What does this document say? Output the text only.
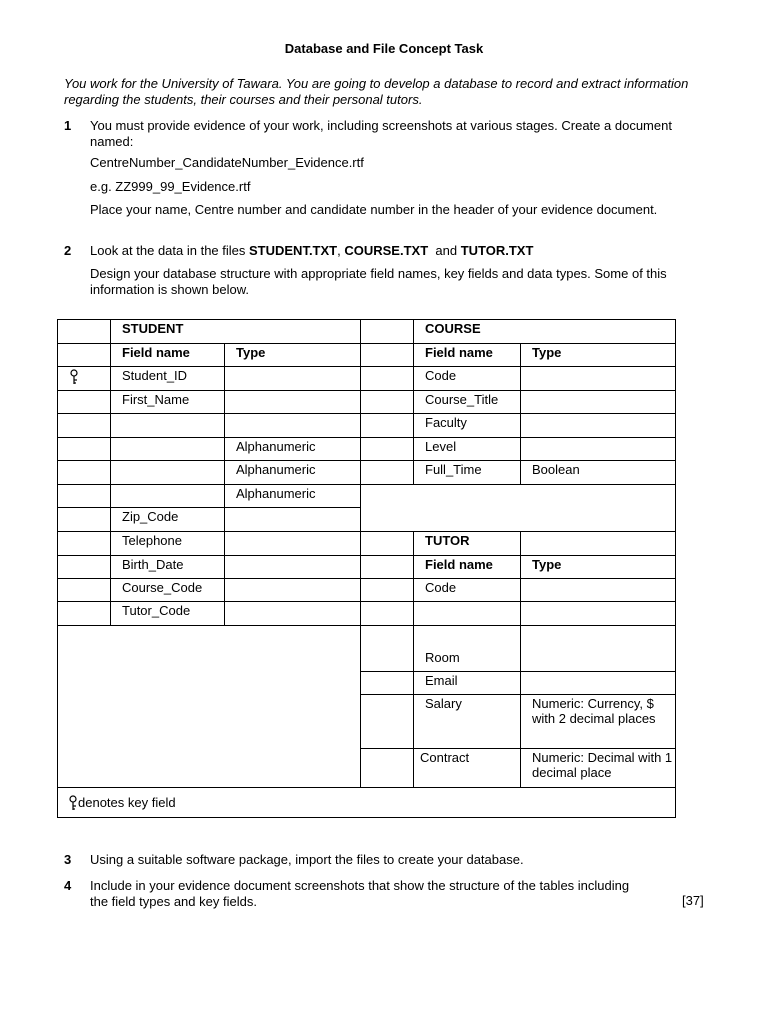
Database and File Concept Task
You work for the University of Tawara. You are going to develop a database to record and extract information regarding the students, their courses and their personal tutors.
1 You must provide evidence of your work, including screenshots at various stages. Create a document named:
CentreNumber_CandidateNumber_Evidence.rtf
e.g. ZZ999_99_Evidence.rtf
Place your name, Centre number and candidate number in the header of your evidence document.
2 Look at the data in the files STUDENT.TXT, COURSE.TXT  and TUTOR.TXT
Design your database structure with appropriate field names, key fields and data types. Some of this information is shown below.
	STUDENT			COURSE	
	Field name	Type		Field name	Type
	Student_ID			Code	
	First_Name			Course_Title	
				Faculty	
		Alphanumeric		Level	
		Alphanumeric		Full_Time	Boolean
		Alphanumeric			
	Zip_Code				
	Telephone			TUTOR	
	Birth_Date			Field name	Type
	Course_Code			Code	
	Tutor_Code				
				Room	
				Email	
				Salary	Numeric: Currency, $ with 2 decimal places
				Contract	Numeric: Decimal with 1 decimal place
denotes key field					
3 Using a suitable software package, import the files to create your database.
4 Include in your evidence document screenshots that show the structure of the tables including the field types and key fields.	[37]
